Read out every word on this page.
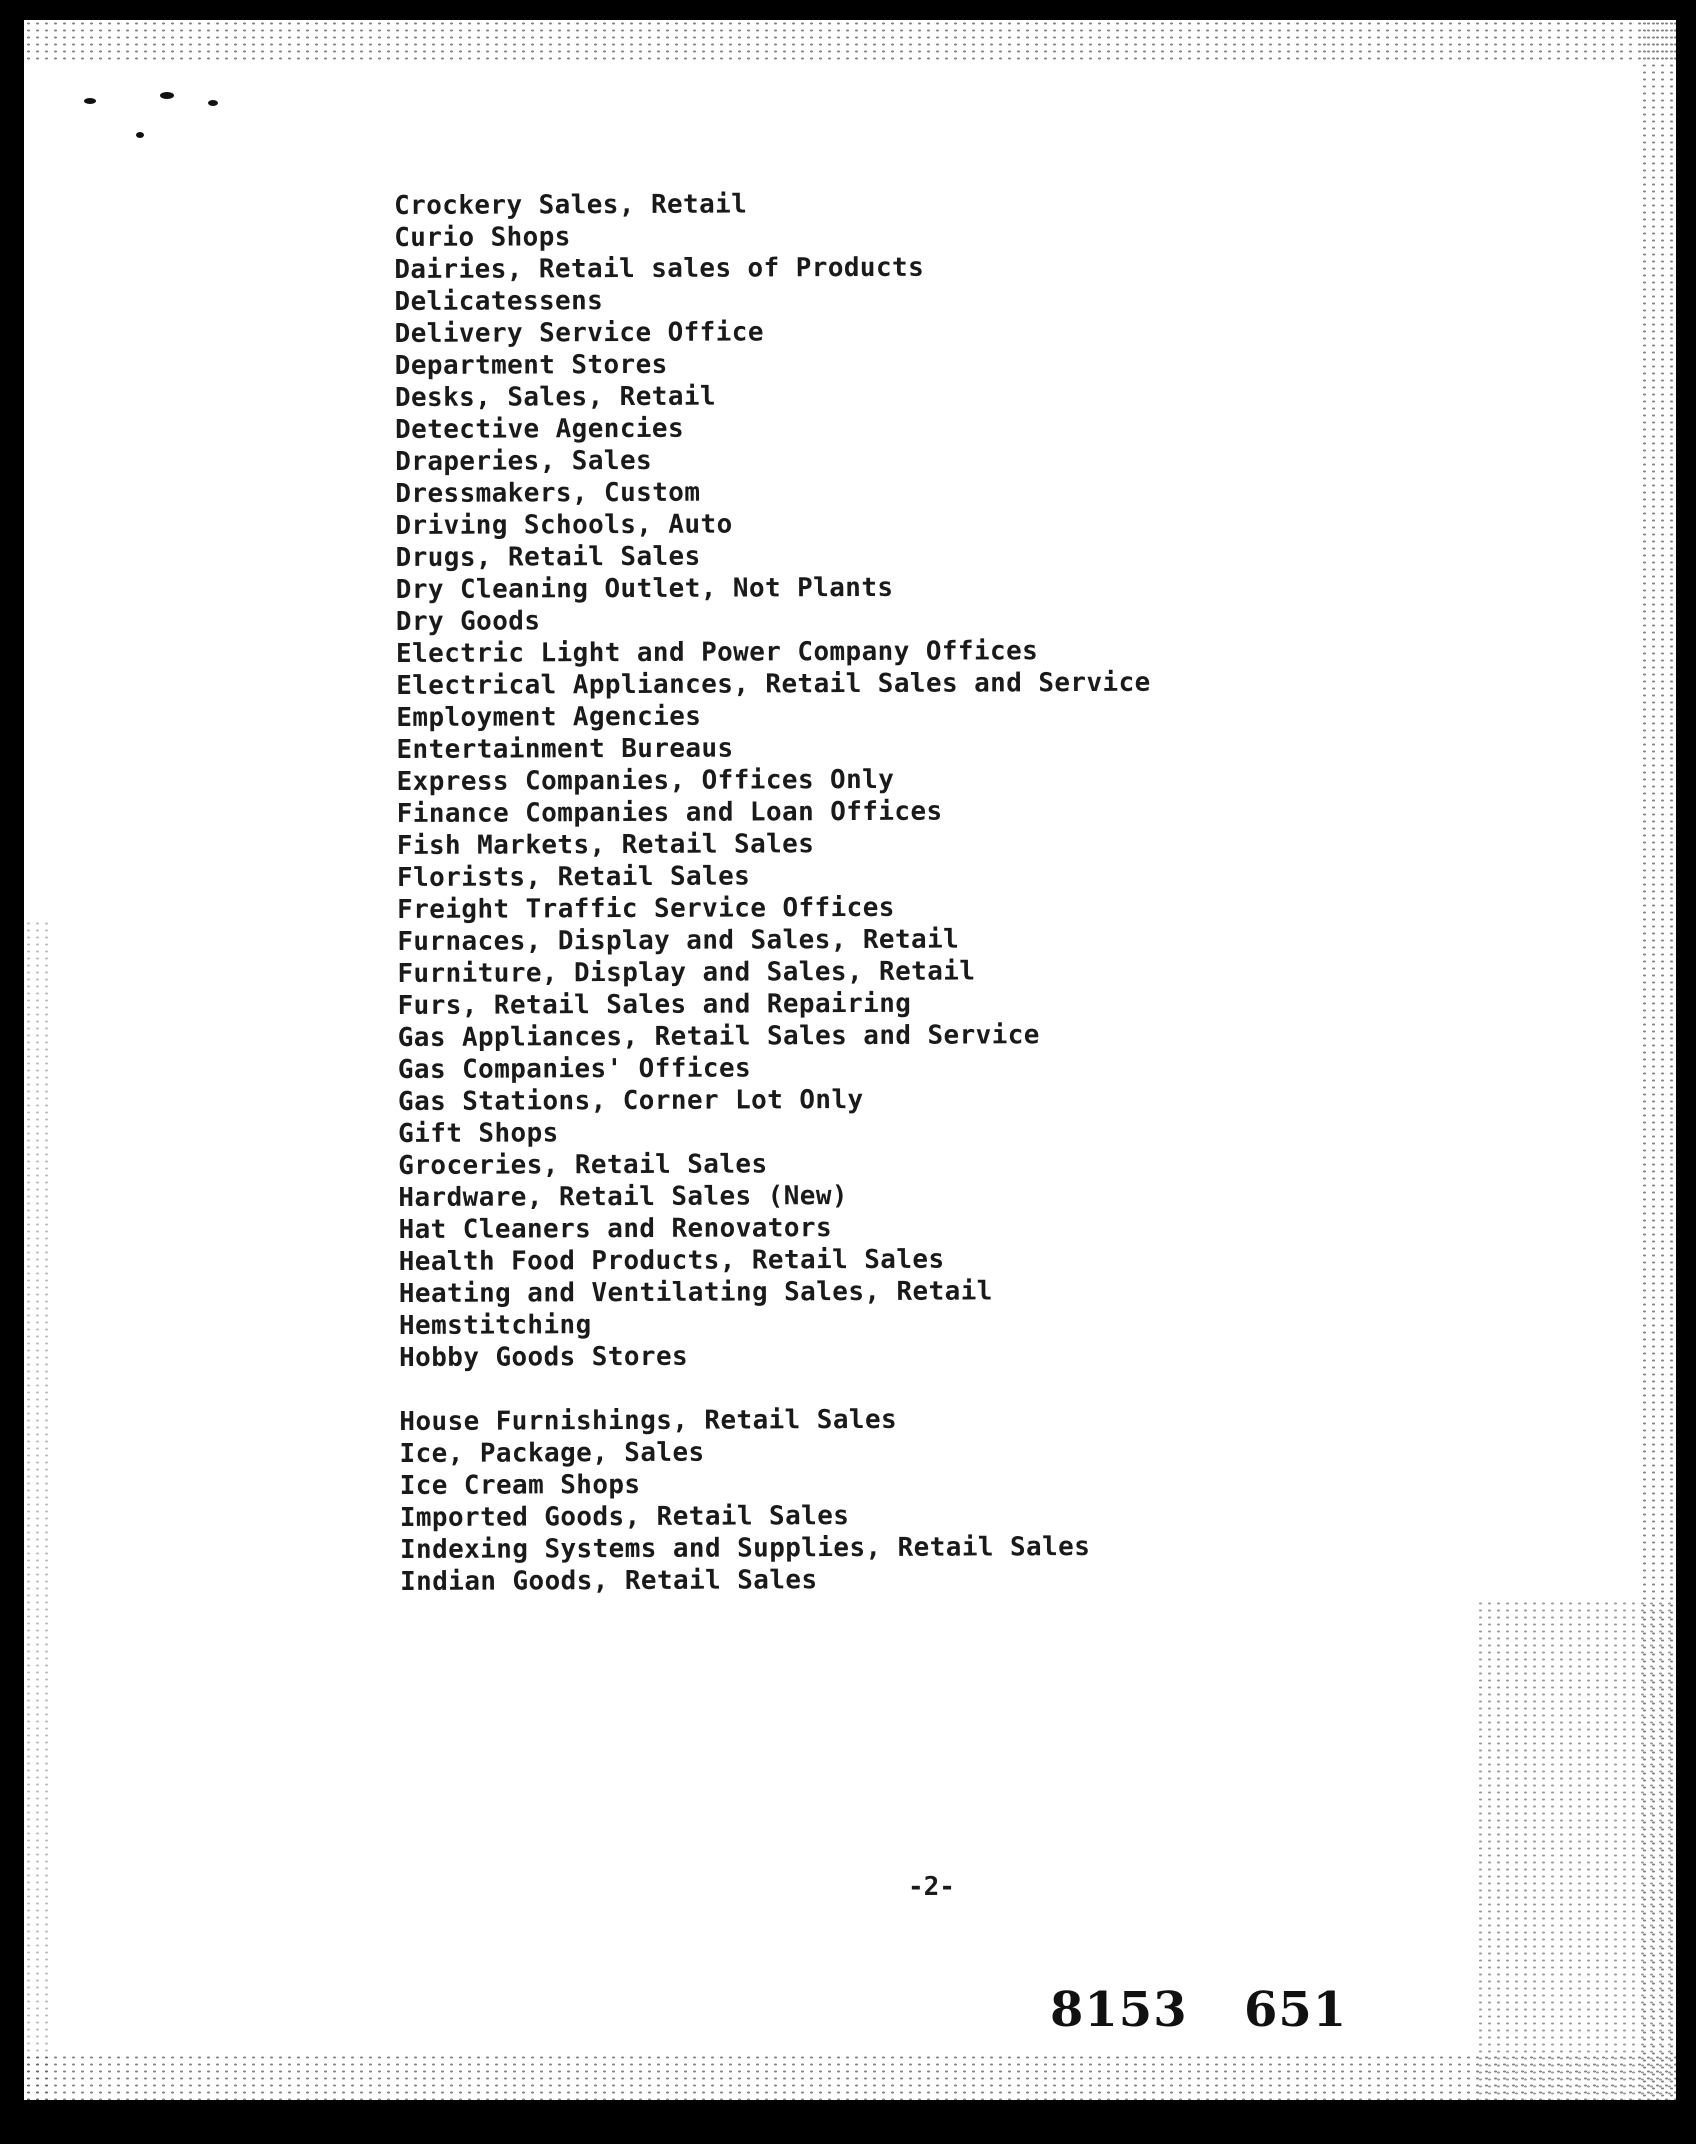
Crockery Sales, Retail
Curio Shops
Dairies, Retail sales of Products
Delicatessens
Delivery Service Office
Department Stores
Desks, Sales, Retail
Detective Agencies
Draperies, Sales
Dressmakers, Custom
Driving Schools, Auto
Drugs, Retail Sales
Dry Cleaning Outlet, Not Plants
Dry Goods
Electric Light and Power Company Offices
Electrical Appliances, Retail Sales and Service
Employment Agencies
Entertainment Bureaus
Express Companies, Offices Only
Finance Companies and Loan Offices
Fish Markets, Retail Sales
Florists, Retail Sales
Freight Traffic Service Offices
Furnaces, Display and Sales, Retail
Furniture, Display and Sales, Retail
Furs, Retail Sales and Repairing
Gas Appliances, Retail Sales and Service
Gas Companies' Offices
Gas Stations, Corner Lot Only
Gift Shops
Groceries, Retail Sales
Hardware, Retail Sales (New)
Hat Cleaners and Renovators
Health Food Products, Retail Sales
Heating and Ventilating Sales, Retail
Hemstitching
Hobby Goods Stores
House Furnishings, Retail Sales
Ice, Package, Sales
Ice Cream Shops
Imported Goods, Retail Sales
Indexing Systems and Supplies, Retail Sales
Indian Goods, Retail Sales
-2-
8153 651
